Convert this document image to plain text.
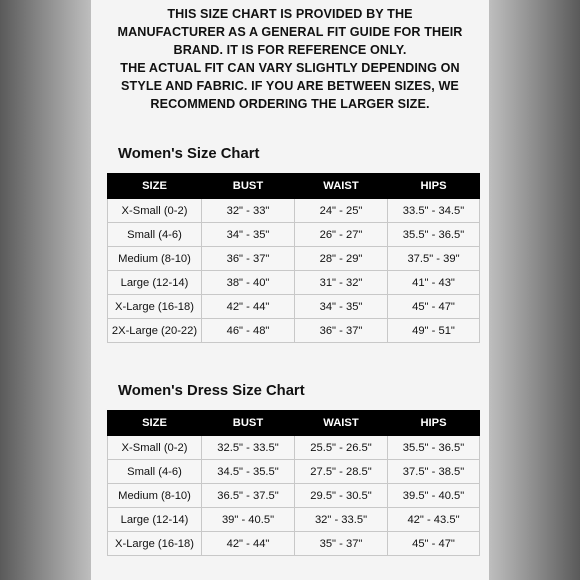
THIS SIZE CHART IS PROVIDED BY THE
MANUFACTURER AS A GENERAL FIT GUIDE FOR THEIR
BRAND. IT IS FOR REFERENCE ONLY.
THE ACTUAL FIT CAN VARY SLIGHTLY DEPENDING ON
STYLE AND FABRIC. IF YOU ARE BETWEEN SIZES, WE
RECOMMEND ORDERING THE LARGER SIZE.
Women's Size Chart
SIZE	BUST	WAIST	HIPS
X-Small (0-2)	32" - 33"	24" - 25"	33.5" - 34.5"
Small (4-6)	34" - 35"	26" - 27"	35.5" - 36.5"
Medium (8-10)	36" - 37"	28" - 29"	37.5" - 39"
Large (12-14)	38" - 40"	31" - 32"	41" - 43"
X-Large (16-18)	42" - 44"	34" - 35"	45" - 47"
2X-Large (20-22)	46" - 48"	36" - 37"	49" - 51"
Women's Dress Size Chart
SIZE	BUST	WAIST	HIPS
X-Small (0-2)	32.5" - 33.5"	25.5" - 26.5"	35.5" - 36.5"
Small (4-6)	34.5" - 35.5"	27.5" - 28.5"	37.5" - 38.5"
Medium (8-10)	36.5" - 37.5"	29.5" - 30.5"	39.5" - 40.5"
Large (12-14)	39" - 40.5"	32" - 33.5"	42" - 43.5"
X-Large (16-18)	42" - 44"	35" - 37"	45" - 47"
